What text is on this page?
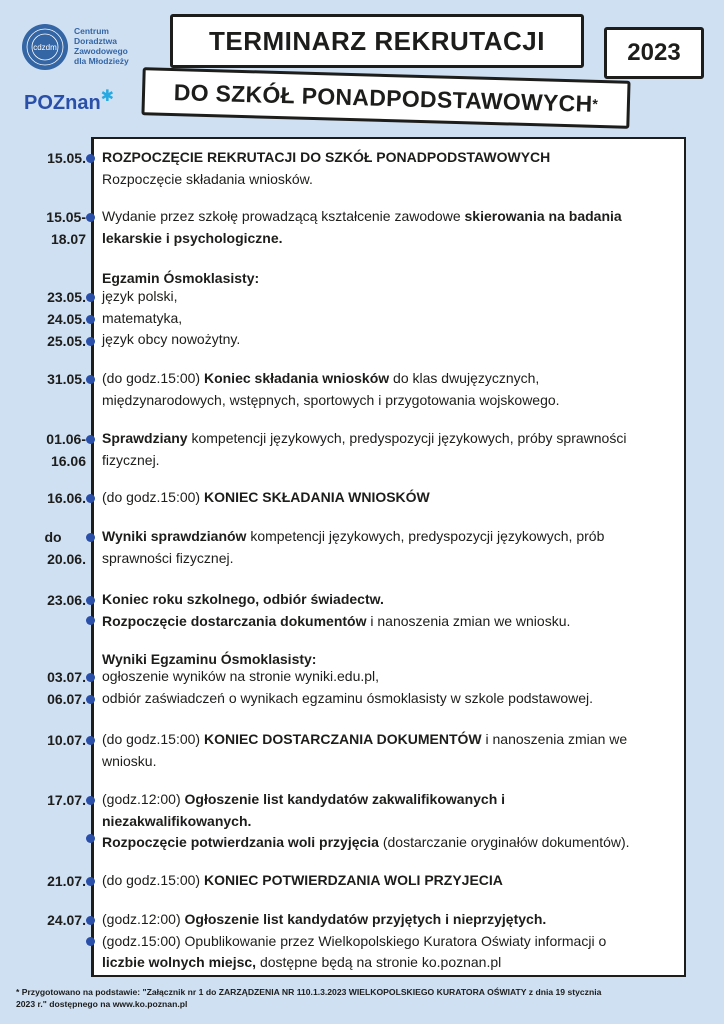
cdzdm
Centrum
Doradztwa
Zawodowego
dla Młodzieży
POZnan✱
TERMINARZ REKRUTACJI	2023
DO SZKÓŁ $PONADPODSTAWOWYCH_*$
15.05. ROZPOCZĘCIE REKRUTACJI DO SZKÓŁ PONADPODSTAWOWYCH
Rozpoczęcie składania wniosków.
15.05-
18.07
Wydanie przez szkołę prowadzącą kształcenie zawodowe skierowania na badania
lekarskie i psychologiczne.
Egzamin Ósmoklasisty:
23.05.
24.05.
25.05.
język polski,
matematyka,
język obcy nowożytny.
31.05. (do godz.15:00) Koniec składania wniosków do klas dwujęzycznych,
międzynarodowych, wstępnych, sportowych i przygotowania wojskowego.
01.06-
16.06
Sprawdziany kompetencji językowych, predyspozycji językowych, próby sprawności
fizycznej.
16.06. (do godz.15:00) KONIEC SKŁADANIA WNIOSKÓW
do
20.06.
Wyniki sprawdzianów kompetencji językowych, predyspozycji językowych, prób
sprawności fizycznej.
23.06. Koniec roku szkolnego, odbiór świadectw.
Rozpoczęcie dostarczania dokumentów i nanoszenia zmian we wniosku.
Wyniki Egzaminu Ósmoklasisty:
03.07.
06.07.
ogłoszenie wyników na stronie wyniki.edu.pl,
odbiór zaświadczeń o wynikach egzaminu ósmoklasisty w szkole podstawowej.
10.07. (do godz.15:00) KONIEC DOSTARCZANIA DOKUMENTÓW i nanoszenia zmian we
wniosku.
17.07. (godz.12:00) Ogłoszenie list kandydatów zakwalifikowanych i
niezakwalifikowanych.
Rozpoczęcie potwierdzania woli przyjęcia (dostarczanie oryginałów dokumentów).
21.07. (do godz.15:00) KONIEC POTWIERDZANIA WOLI PRZYJECIA
24.07. (godz.12:00) Ogłoszenie list kandydatów przyjętych i nieprzyjętych.
(godz.15:00) Opublikowanie przez Wielkopolskiego Kuratora Oświaty informacji o
liczbie wolnych miejsc, dostępne będą na stronie ko.poznan.pl
* Przygotowano na podstawie: "Załącznik nr 1 do ZARZĄDZENIA NR 110.1.3.2023 WIELKOPOLSKIEGO KURATORA OŚWIATY z dnia 19 stycznia
2023 r." dostępnego na www.ko.poznan.pl
